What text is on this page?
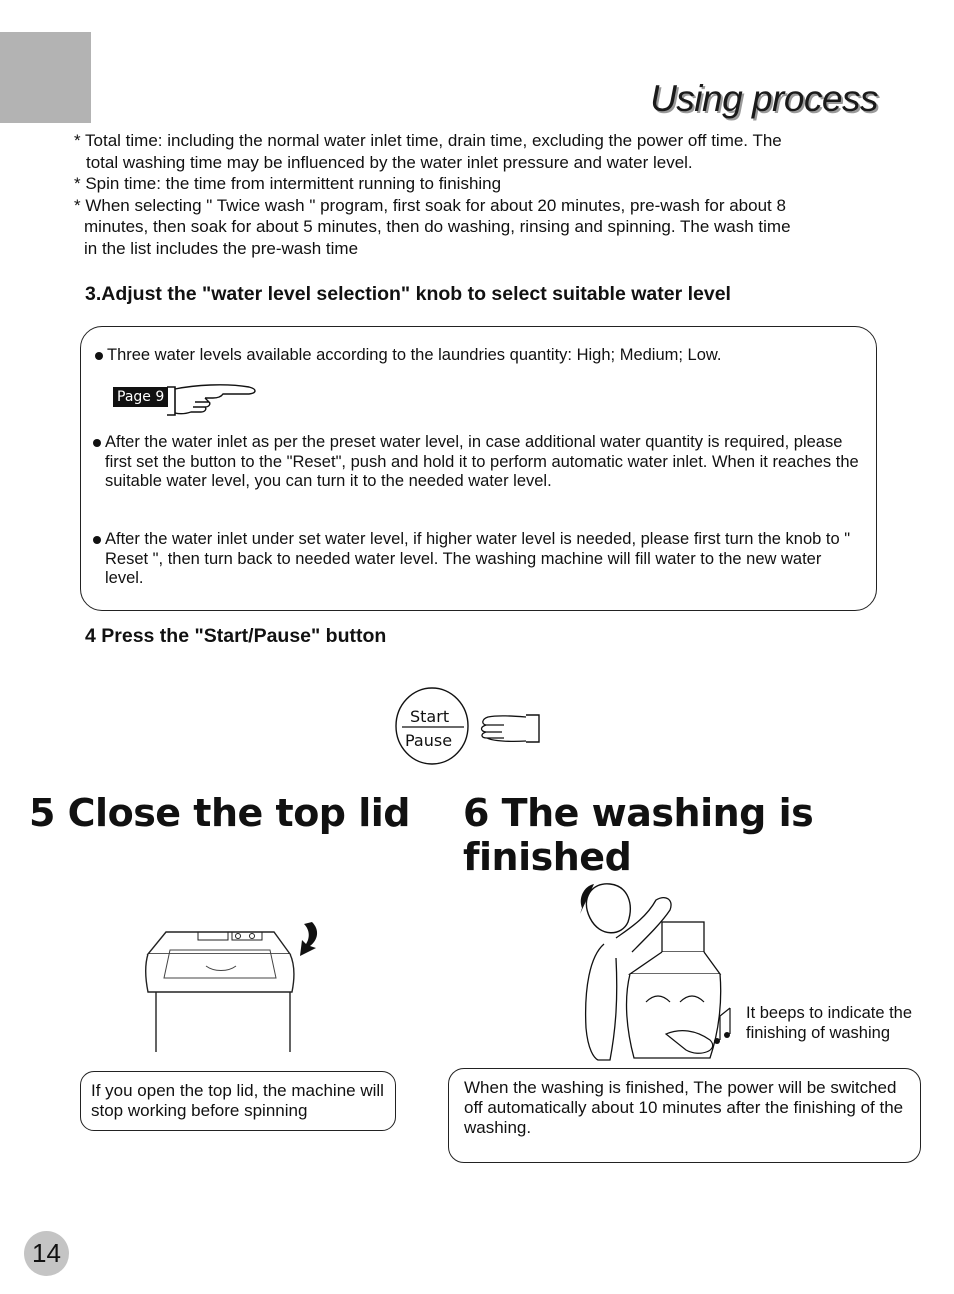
Using process

* Total time: including the normal water inlet time, drain time, excluding the power off time. The
total washing time may be influenced by the water inlet pressure and water level.

* Spin time: the time from intermittent running to finishing

* When selecting " Twice wash " program, first soak for about 20 minutes, pre-wash for about 8
minutes, then soak for about 5 minutes, then do washing, rinsing and spinning. The wash time
in the list includes the pre-wash time

3.Adjust the "water level selection" knob to select suitable water level
Three water levels available according to the laundries quantity: High; Medium; Low.
Page 9
After the water inlet as per the preset water level, in case additional water quantity is required, please first set the button to the "Reset", push and hold it to perform automatic water inlet. When it reaches the suitable water level, you can turn it to the needed water level.
After the water inlet under set water level, if higher water level is needed, please first turn the knob to " Reset ", then turn back to needed water level. The washing machine will fill water to the new water level.
4 Press the "Start/Pause" button
Start
Pause
5 Close the top lid 6 The washing is finished
It beeps to indicate the finishing of washing
If you open the top lid, the machine will stop working before spinning
When the washing is finished, The power will be switched off automatically about 10 minutes after the finishing of the washing.
14
